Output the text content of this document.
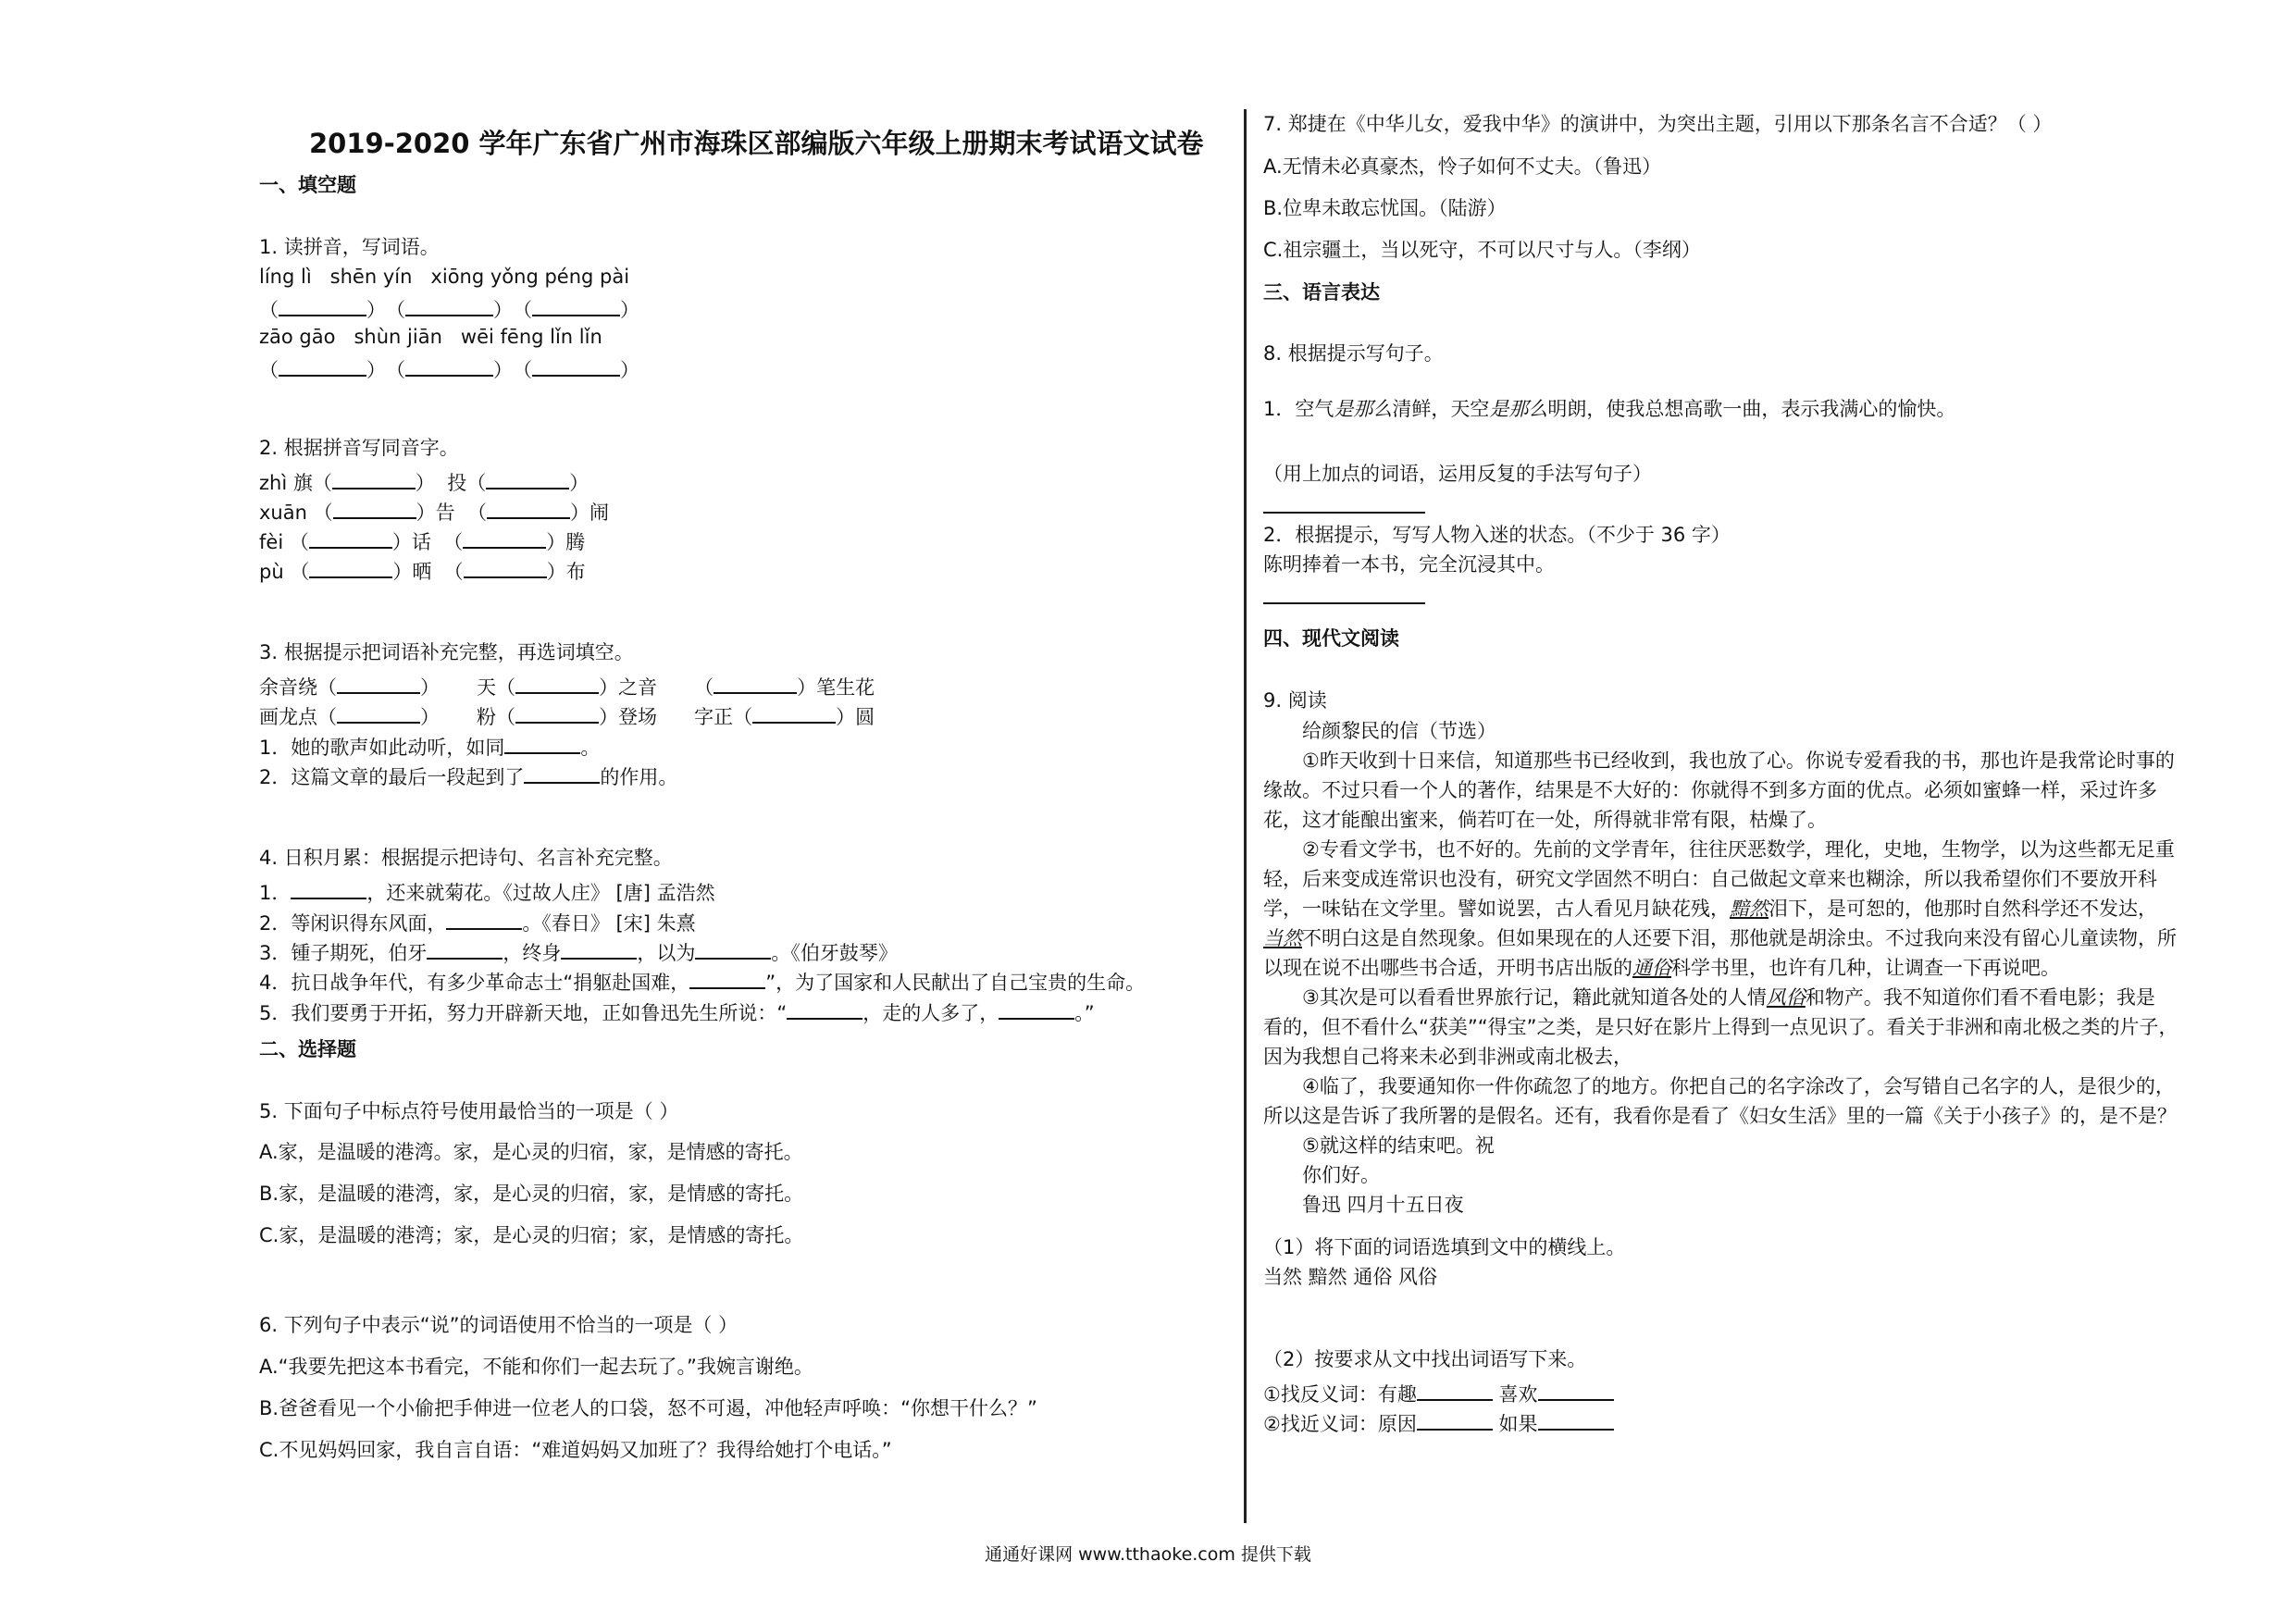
2019-2020 学年广东省广州市海珠区部编版六年级上册期末考试语文试卷
一、填空题
1. 读拼音，写词语。
líng lì   shēn yín   xiōng yǒng péng pài
（	）　（	）　（	）
zāo gāo   shùn jiān   wēi fēng lǐn lǐn
（	）　（	）　（	）
2. 根据拼音写同音字。
zhì 旗（	）  投（	）
xuān （	）告  （	）闹
fèi （	）话  （	）腾
pù （	）晒  （	）布
3. 根据提示把词语补充完整，再选词填空。
余音绕（	）      天（	）之音      （	）笔生花
画龙点（	）      粉（	）登场      字正（	）圆
1．她的歌声如此动听，如同	。
2．这篇文章的最后一段起到了	的作用。
4. 日积月累：根据提示把诗句、名言补充完整。
1．	，还来就菊花。《过故人庄》 [唐] 孟浩然
2．等闲识得东风面，	。《春日》 [宋] 朱熹
3．锺子期死，伯牙	，终身	，以为	。《伯牙鼓琴》
4．抗日战争年代，有多少革命志士“捐躯赴国难，	”，为了国家和人民献出了自己宝贵的生命。
5．我们要勇于开拓，努力开辟新天地，正如鲁迅先生所说：“	，走的人多了，	。”
二、选择题
5. 下面句子中标点符号使用最恰当的一项是（ ）
A.家，是温暖的港湾。家，是心灵的归宿，家，是情感的寄托。
B.家，是温暖的港湾，家，是心灵的归宿，家，是情感的寄托。
C.家，是温暖的港湾；家，是心灵的归宿；家，是情感的寄托。
6. 下列句子中表示“说”的词语使用不恰当的一项是（ ）
A.“我要先把这本书看完，不能和你们一起去玩了。”我婉言谢绝。
B.爸爸看见一个小偷把手伸进一位老人的口袋，怒不可遏，冲他轻声呼唤：“你想干什么？”
C.不见妈妈回家，我自言自语：“难道妈妈又加班了？我得给她打个电话。”
7. 郑捷在《中华儿女，爱我中华》的演讲中，为突出主题，引用以下那条名言不合适？（ ）
A.无情未必真豪杰，怜子如何不丈夫。（鲁迅）
B.位卑未敢忘忧国。（陆游）
C.祖宗疆土，当以死守，不可以尺寸与人。（李纲）
三、语言表达
8. 根据提示写句子。
1．空气是那么清鲜，天空是那么明朗，使我总想高歌一曲，表示我满心的愉快。
（用上加点的词语，运用反复的手法写句子）
2．根据提示，写写人物入迷的状态。（不少于 36 字）
陈明捧着一本书，完全沉浸其中。
四、现代文阅读
9. 阅读
给颜黎民的信（节选）
①昨天收到十日来信，知道那些书已经收到，我也放了心。你说专爱看我的书，那也许是我常论时事的
缘故。不过只看一个人的著作，结果是不大好的：你就得不到多方面的优点。必须如蜜蜂一样，采过许多
花，这才能酿出蜜来，倘若叮在一处，所得就非常有限，枯燥了。
②专看文学书，也不好的。先前的文学青年，往往厌恶数学，理化，史地，生物学，以为这些都无足重
轻，后来变成连常识也没有，研究文学固然不明白：自己做起文章来也糊涂，所以我希望你们不要放开科
学，一味钻在文学里。譬如说罢，古人看见月缺花残，黯然泪下，是可恕的，他那时自然科学还不发达，
当然不明白这是自然现象。但如果现在的人还要下泪，那他就是胡涂虫。不过我向来没有留心儿童读物，所
以现在说不出哪些书合适，开明书店出版的通俗科学书里，也许有几种，让调查一下再说吧。
③其次是可以看看世界旅行记，籍此就知道各处的人情风俗和物产。我不知道你们看不看电影；我是
看的，但不看什么“获美”“得宝”之类，是只好在影片上得到一点见识了。看关于非洲和南北极之类的片子，
因为我想自己将来未必到非洲或南北极去，
④临了，我要通知你一件你疏忽了的地方。你把自己的名字涂改了，会写错自己名字的人，是很少的，
所以这是告诉了我所署的是假名。还有，我看你是看了《妇女生活》里的一篇《关于小孩子》的，是不是？
⑤就这样的结束吧。祝
你们好。
鲁迅 四月十五日夜
（1）将下面的词语选填到文中的横线上。
当然 黯然 通俗 风俗
（2）按要求从文中找出词语写下来。
①找反义词：有趣	喜欢
②找近义词：原因	如果
通通好课网 www.tthaoke.com 提供下载
